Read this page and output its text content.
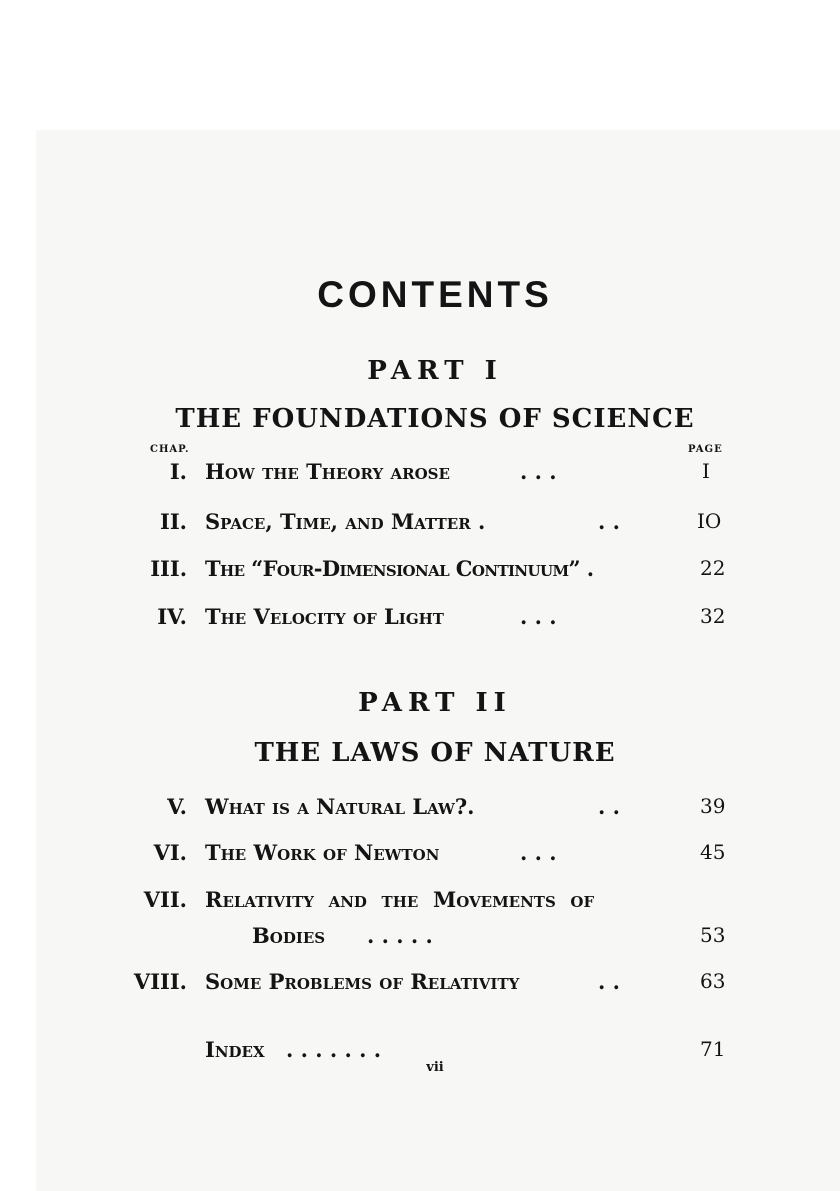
CONTENTS
PART I
THE FOUNDATIONS OF SCIENCE
CHAP.	PAGE
I. How the Theory arose	. . .	I
II. Space, Time, and Matter .	. .	IO
III. The “Four-Dimensional Continuum” .	22
IV. The Velocity of Light	. . .	32
PART II
THE LAWS OF NATURE
V. What is a Natural Law?.	. .	39
VI. The Work of Newton	. . .	45
VII. Relativity  and  the  Movements  of
Bodies . . . . .	53
VIII. Some Problems of Relativity	. .	63
Index . . . . . . .	71
vii
